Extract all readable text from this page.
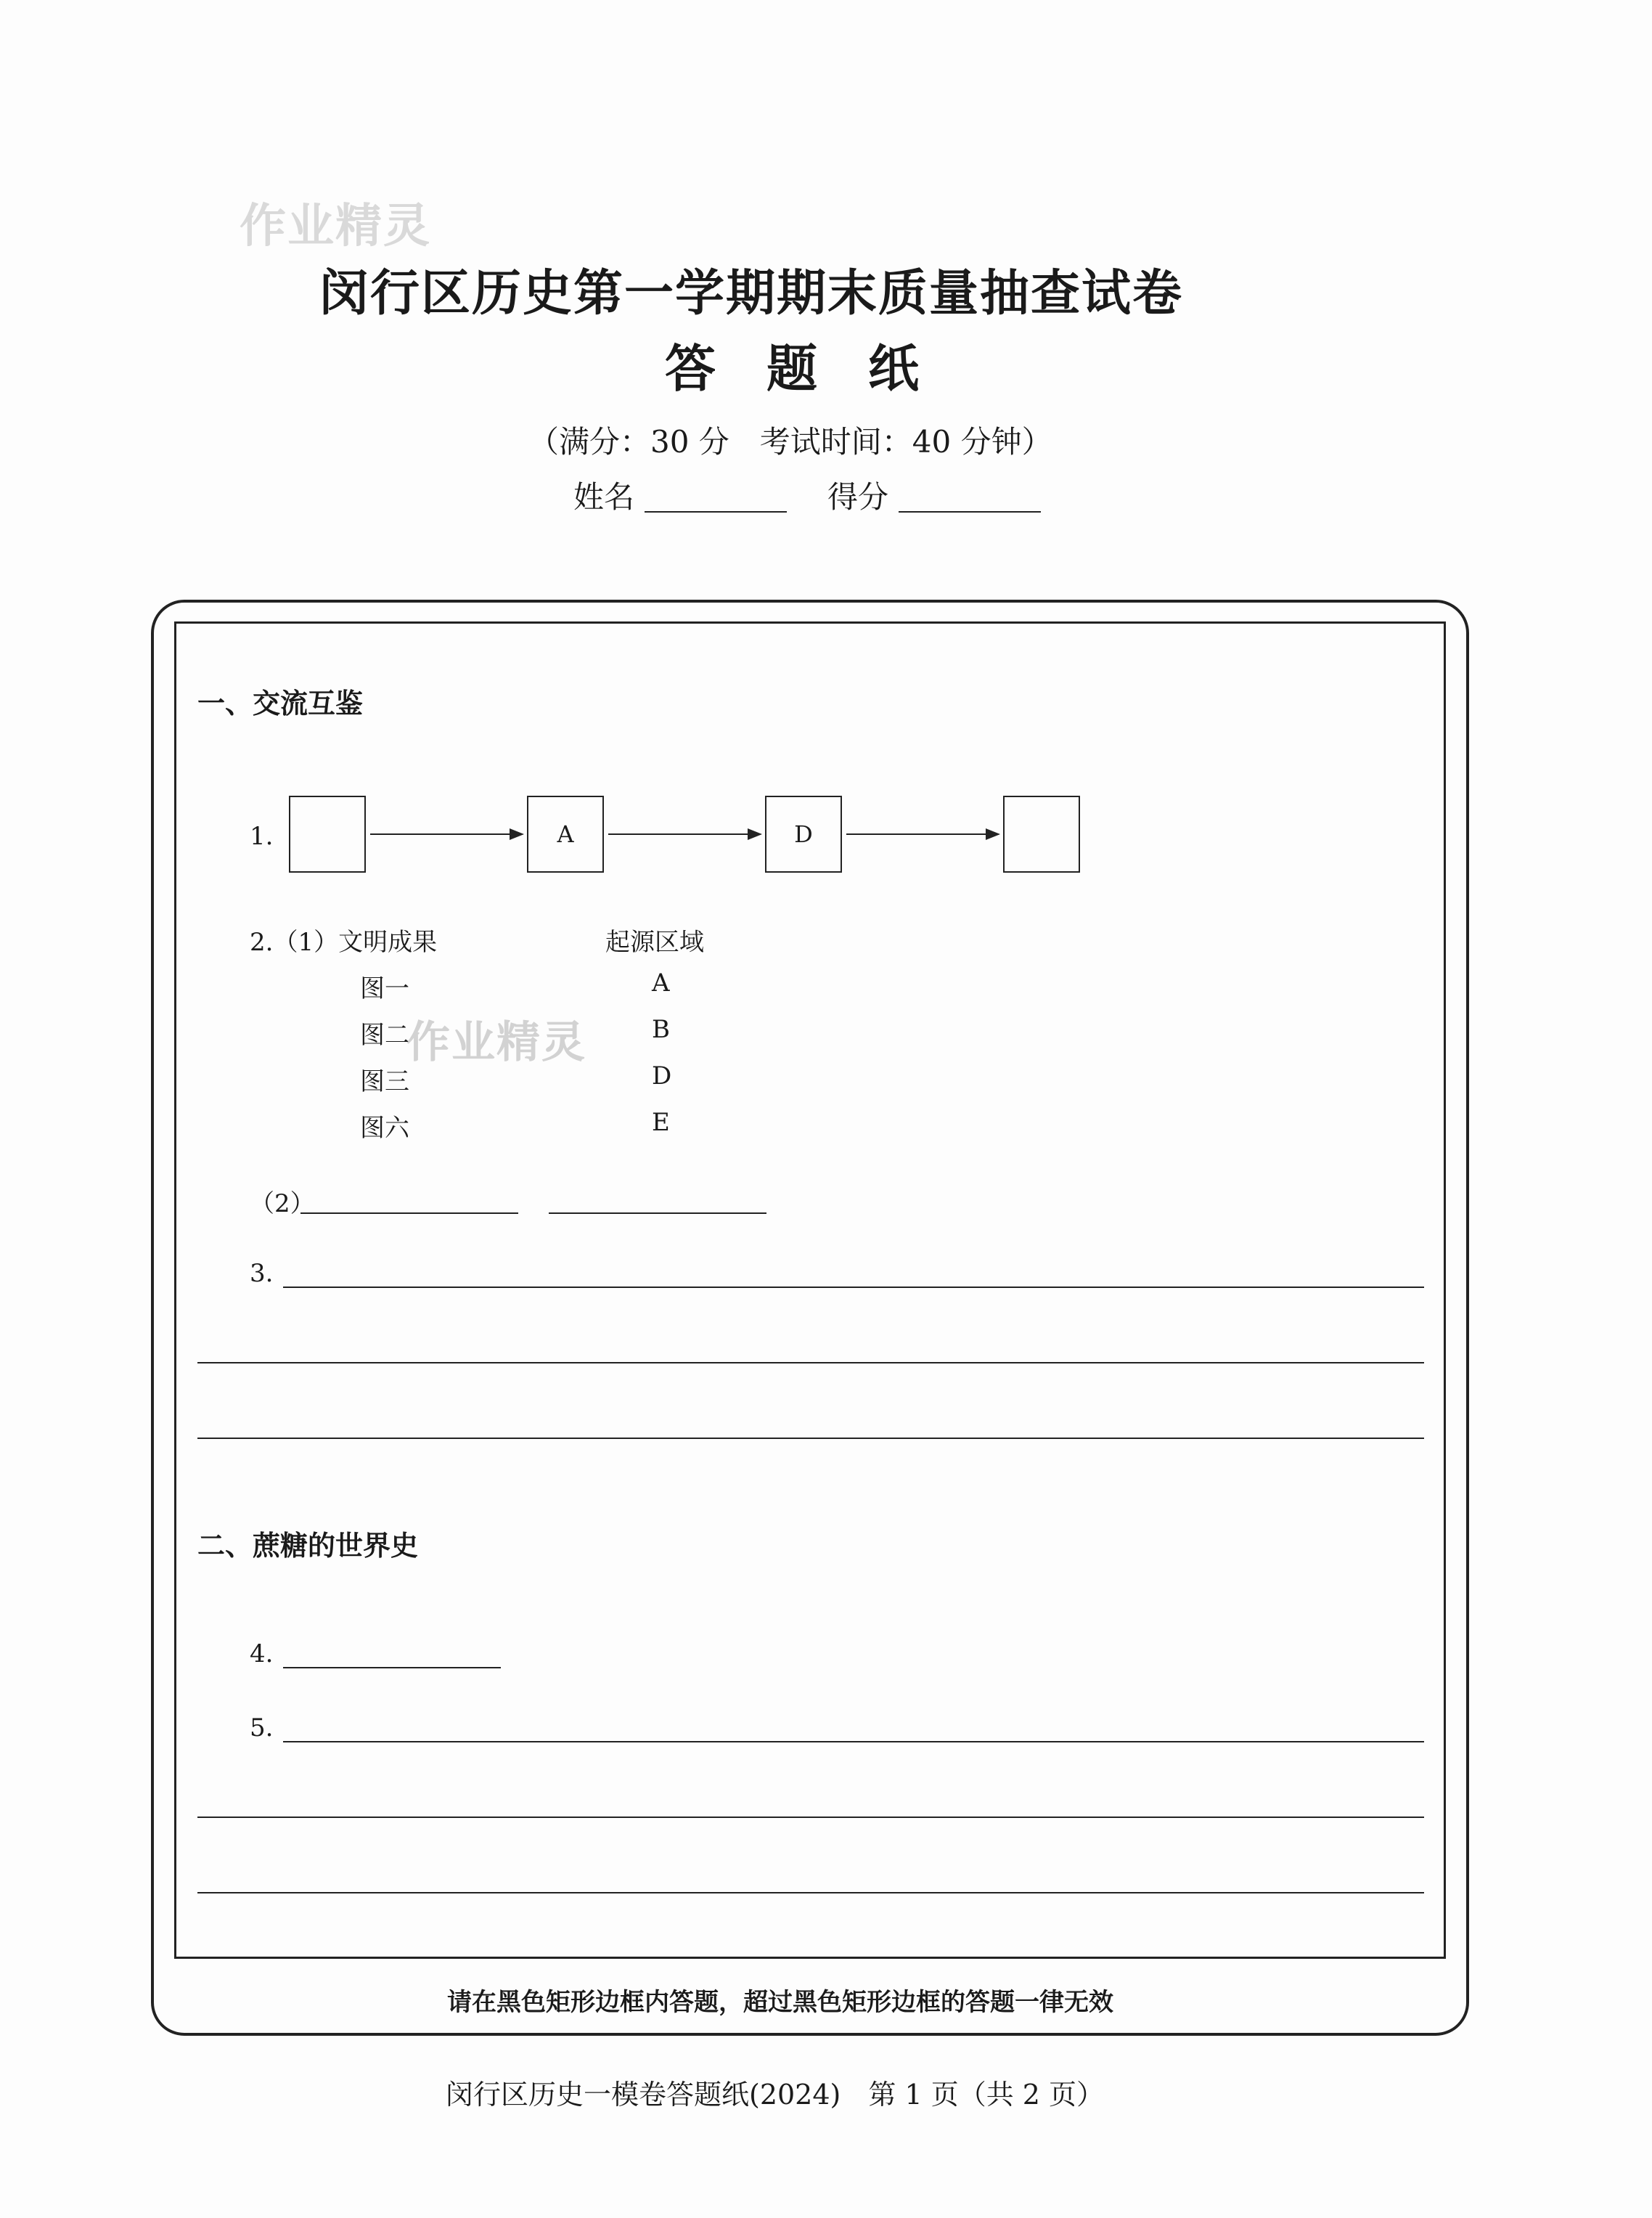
作业精灵
作业精灵
闵行区历史第一学期期末质量抽查试卷
答题纸
（满分：30 分　考试时间：40 分钟）
姓名	得分
一、交流互鉴
1.	A	D
2.（1）文明成果	起源区域
图一	A
图二	B
图三	D
图六	E
（2）
3.
二、蔗糖的世界史
4.
5.
请在黑色矩形边框内答题，超过黑色矩形边框的答题一律无效
闵行区历史一模卷答题纸(2024)　第 1 页（共 2 页）
